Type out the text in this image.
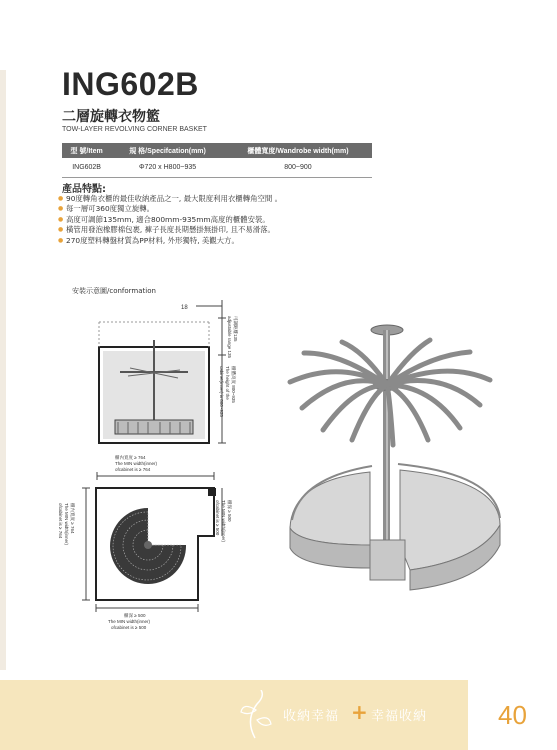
ING602B
二層旋轉衣物籃
TOW-LAYER REVOLVING CORNER BASKET
型 號/Item	規 格/Specifcation(mm)	櫃體寬度/Wandrobe width(mm)
ING602B	Φ720 x H800~935	800~900
產品特點:
● 90度轉角衣櫃的最佳收納產品之一, 最大限度利用衣櫃轉角空間 。
● 每一層可360度獨立旋轉。
● 高度可調節135mm, 適合800mm-935mm高度的櫃體安裝。
● 橫管用發泡橡膠棉包裹, 褲子長度長期懸掛無掛印, 且不易滑落。
● 270度塑料轉盤材質為PP材料, 外形獨特, 美觀大方。
安裝示意圖/conformation
18
可調距離135
adjustable range 135
櫃體高度 800~935
The height of the
cabinet(inner) is 800~935
櫃內寬度 ≥ 764
The MIN width(inner)
ofcabinet is ≥ 764
櫃內寬度 ≥ 764
The MIN width(inner)
ofcabinet is ≥ 764	櫃深 ≥ 500
The MIN width(inner)
ofcabinet is ≥ 500
櫃深 ≥ 500
The MIN width(inner)
ofcabinet is ≥ 500
收納幸福 + 幸福收納	40
